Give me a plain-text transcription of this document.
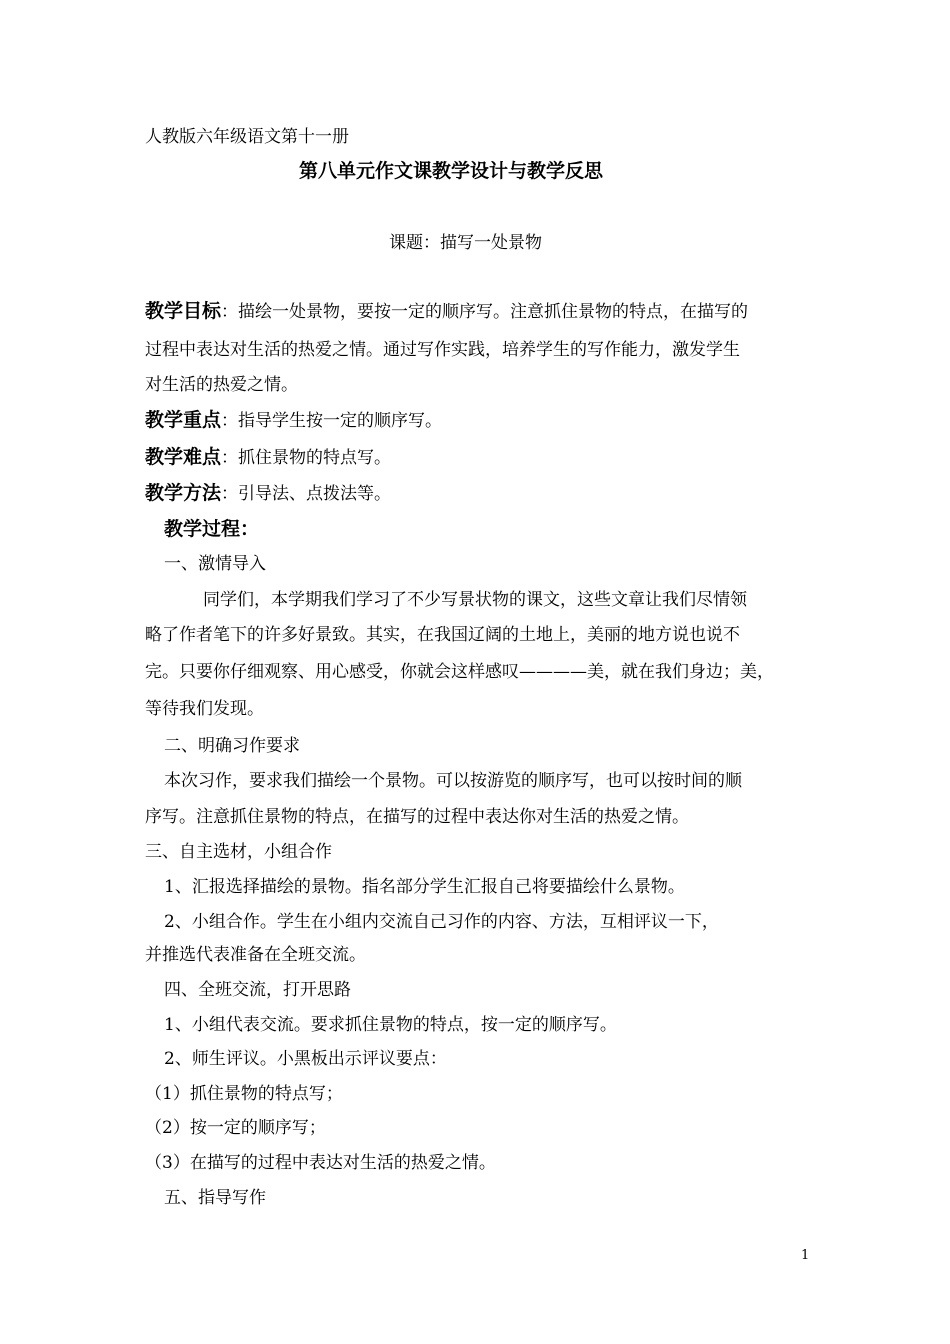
人教版六年级语文第十一册
第八单元作文课教学设计与教学反思
课题：描写一处景物
教学目标：描绘一处景物，要按一定的顺序写。注意抓住景物的特点，在描写的
过程中表达对生活的热爱之情。通过写作实践，培养学生的写作能力，激发学生
对生活的热爱之情。
教学重点：指导学生按一定的顺序写。
教学难点：抓住景物的特点写。
教学方法：引导法、点拨法等。
教学过程：
一、激情导入
同学们，本学期我们学习了不少写景状物的课文，这些文章让我们尽情领
略了作者笔下的许多好景致。其实，在我国辽阔的土地上，美丽的地方说也说不
完。只要你仔细观察、用心感受，你就会这样感叹————美，就在我们身边；美，
等待我们发现。
二、明确习作要求
本次习作，要求我们描绘一个景物。可以按游览的顺序写，也可以按时间的顺
序写。注意抓住景物的特点，在描写的过程中表达你对生活的热爱之情。
三、自主选材，小组合作
1、汇报选择描绘的景物。指名部分学生汇报自己将要描绘什么景物。
2、小组合作。学生在小组内交流自己习作的内容、方法，互相评议一下，
并推选代表准备在全班交流。
四、全班交流，打开思路
1、小组代表交流。要求抓住景物的特点，按一定的顺序写。
2、师生评议。小黑板出示评议要点：
（1）抓住景物的特点写；
（2）按一定的顺序写；
（3）在描写的过程中表达对生活的热爱之情。
五、指导写作
1
